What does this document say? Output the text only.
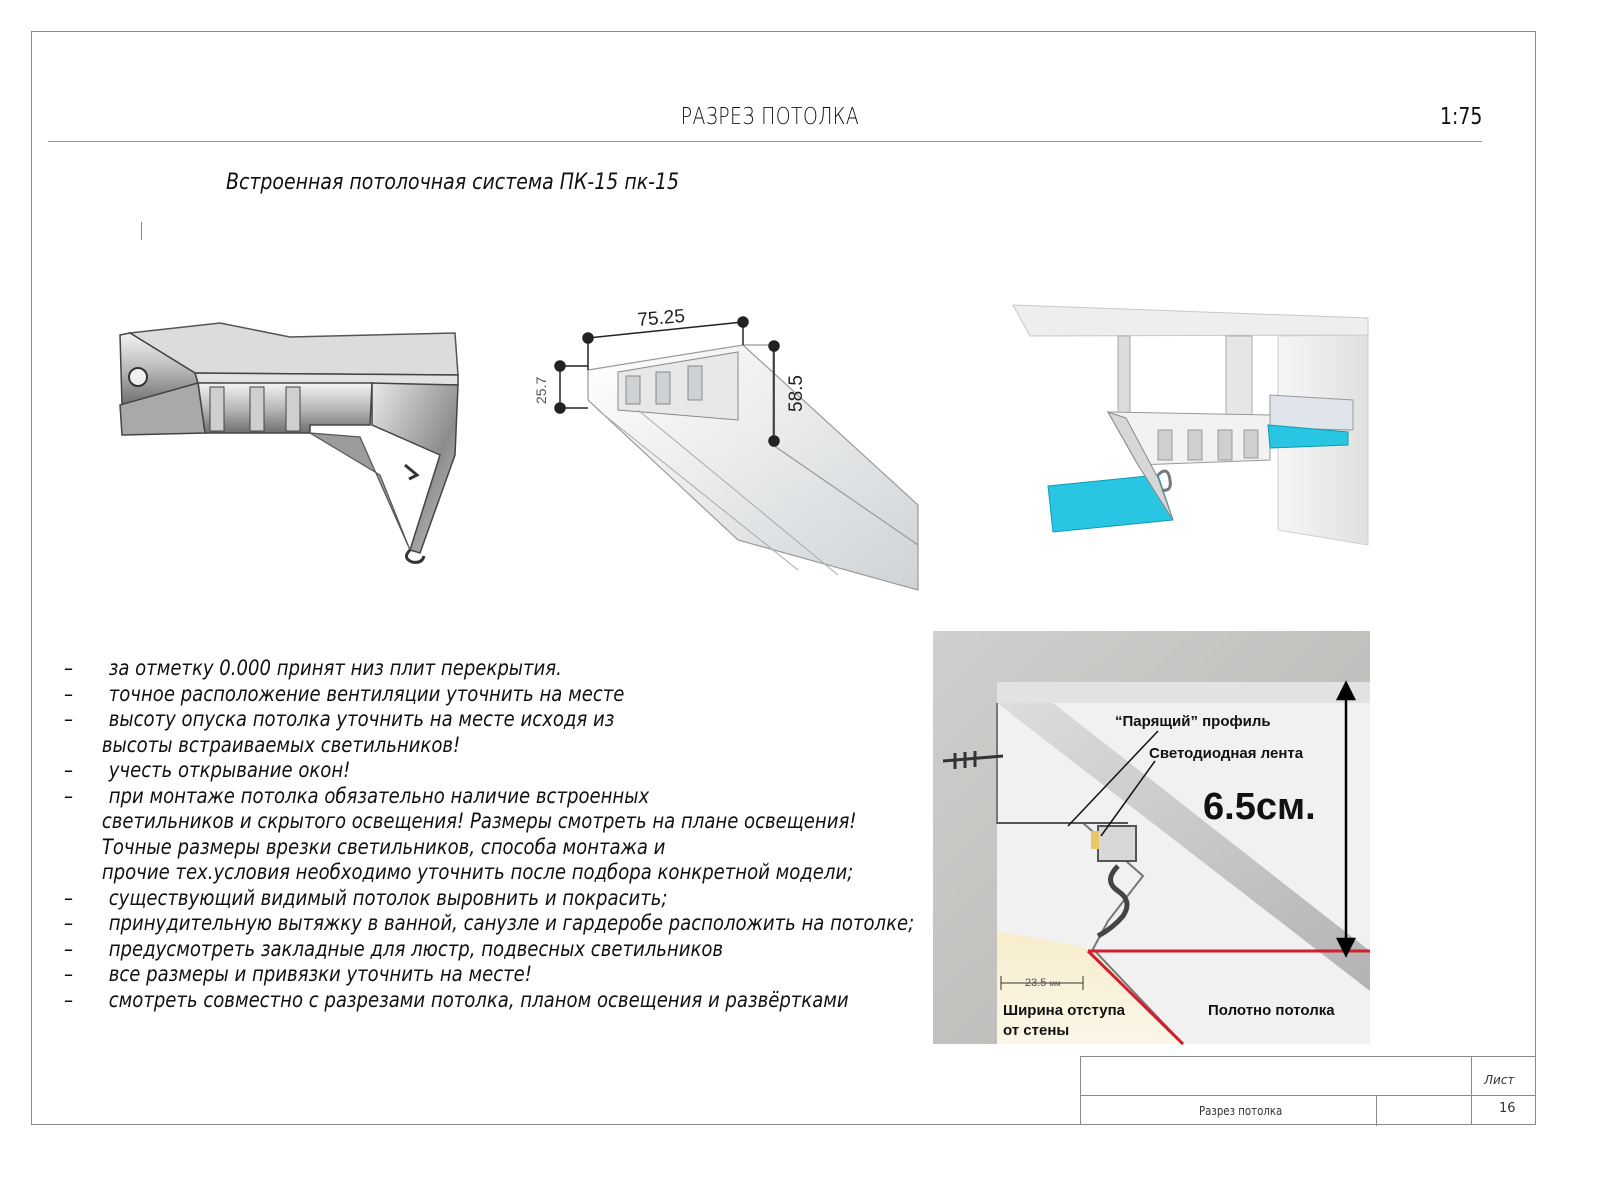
РАЗРЕЗ ПОТОЛКА	1:75
Встроенная потолочная система ПК-15 пк-15
75.25
58.5
25.7
“Парящий” профиль
Светодиодная лента
6.5см.
23.5 мм
Ширина отступа
от стены
Полотно потолка
– за отметку 0.000 принят низ плит перекрытия.
– точное расположение вентиляции уточнить на месте
– высоту опуска потолка уточнить на месте исходя из
высоты встраиваемых светильников!
– учесть открывание окон!
– при монтаже потолка обязательно наличие встроенных
светильников и скрытого освещения! Размеры смотреть на плане освещения!
Точные размеры врезки светильников, способа монтажа и
прочие тех.условия необходимо уточнить после подбора конкретной модели;
– существующий видимый потолок выровнить и покрасить;
– принудительную вытяжку в ванной, санузле и гардеробе расположить на потолке;
– предусмотреть закладные для люстр, подвесных светильников
– все размеры и привязки уточнить на месте!
– смотреть совместно с разрезами потолка, планом освещения и развёртками
Лист
Разрез потолка	16
